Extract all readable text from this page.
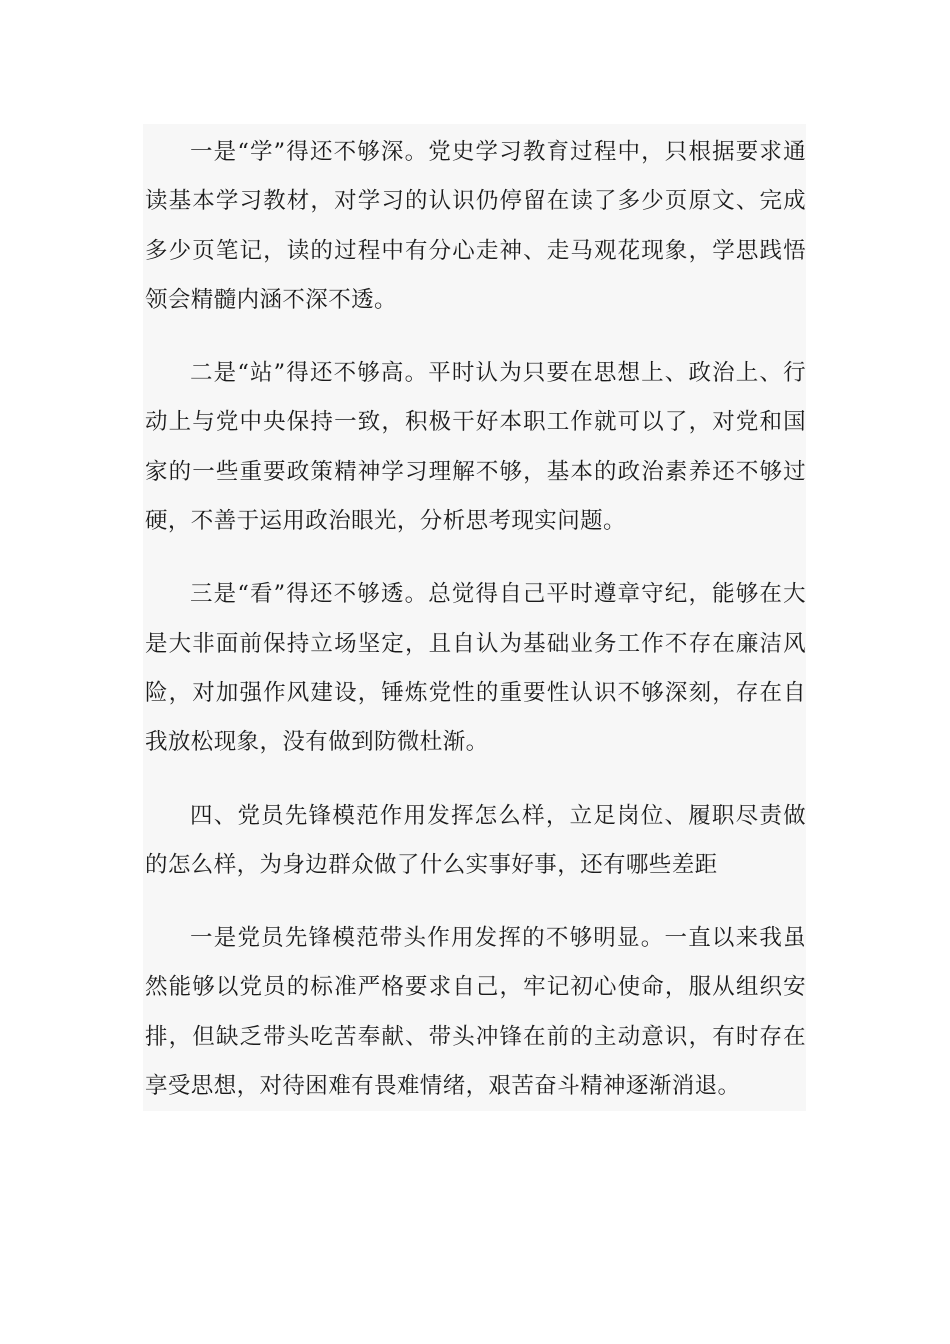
一是“学”得还不够深。党史学习教育过程中，只根据要求通读基本学习教材，对学习的认识仍停留在读了多少页原文、完成多少页笔记，读的过程中有分心走神、走马观花现象，学思践悟领会精髓内涵不深不透。

二是“站”得还不够高。平时认为只要在思想上、政治上、行动上与党中央保持一致，积极干好本职工作就可以了，对党和国家的一些重要政策精神学习理解不够，基本的政治素养还不够过硬，不善于运用政治眼光，分析思考现实问题。

三是“看”得还不够透。总觉得自己平时遵章守纪，能够在大是大非面前保持立场坚定，且自认为基础业务工作不存在廉洁风险，对加强作风建设，锤炼党性的重要性认识不够深刻，存在自我放松现象，没有做到防微杜渐。

四、党员先锋模范作用发挥怎么样，立足岗位、履职尽责做的怎么样，为身边群众做了什么实事好事，还有哪些差距

一是党员先锋模范带头作用发挥的不够明显。一直以来我虽然能够以党员的标准严格要求自己，牢记初心使命，服从组织安排，但缺乏带头吃苦奉献、带头冲锋在前的主动意识，有时存在享受思想，对待困难有畏难情绪，艰苦奋斗精神逐渐消退。
